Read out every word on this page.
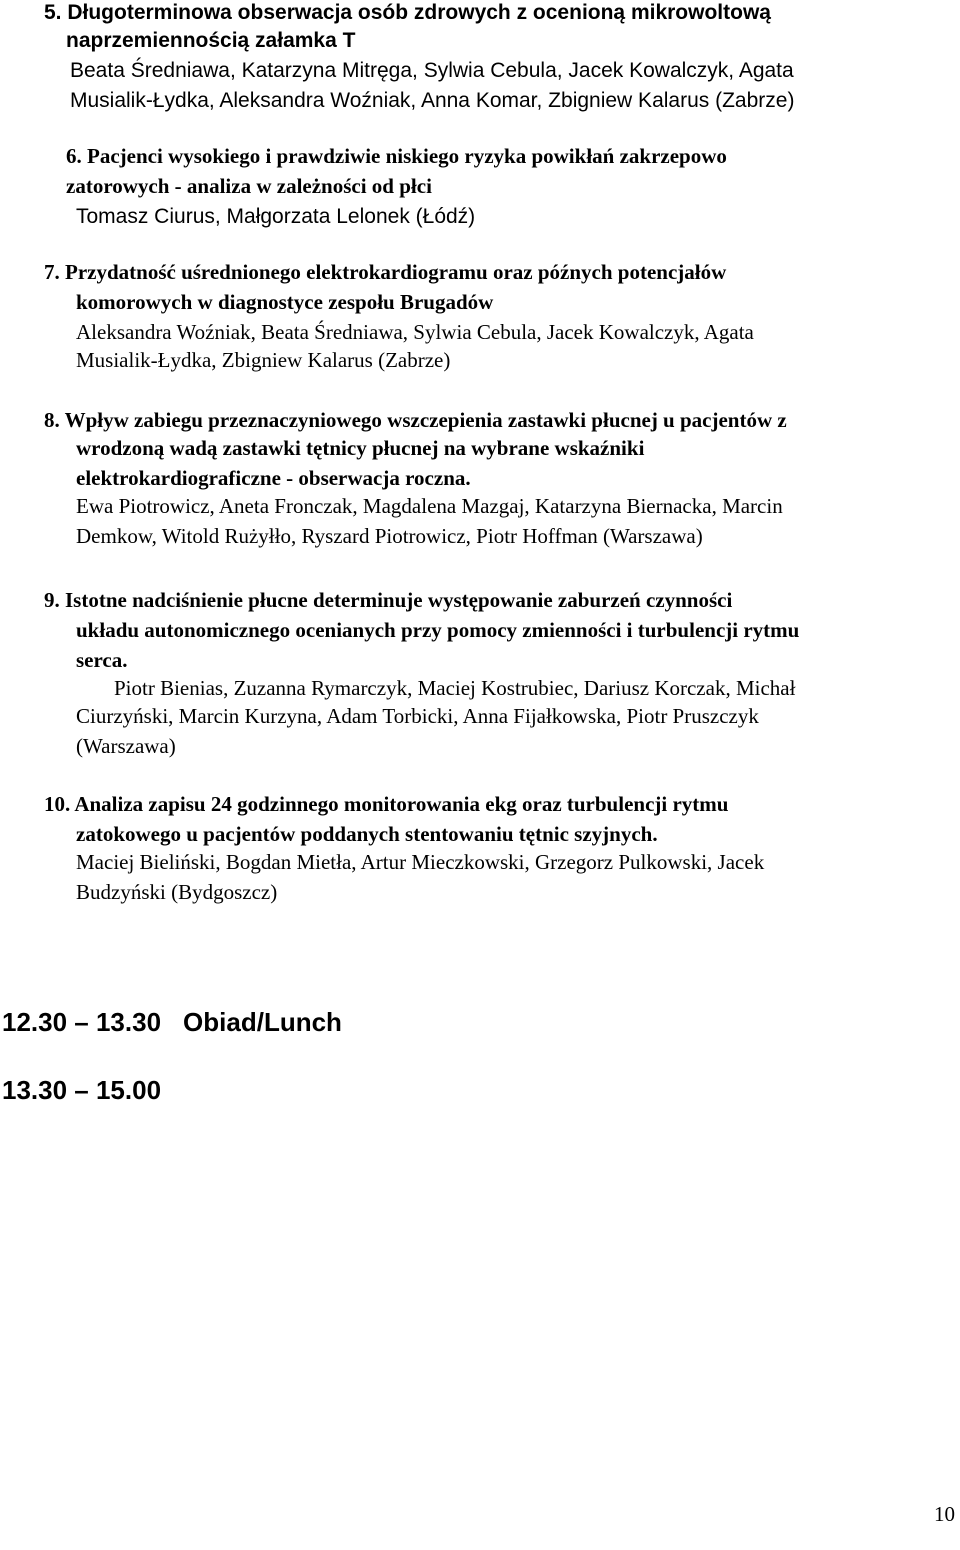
5. Długoterminowa obserwacja osób zdrowych z ocenioną mikrowoltową
naprzemiennością załamka T
Beata Średniawa, Katarzyna Mitręga, Sylwia Cebula, Jacek Kowalczyk, Agata
Musialik-Łydka, Aleksandra Woźniak, Anna Komar, Zbigniew Kalarus (Zabrze)
6. Pacjenci wysokiego i prawdziwie niskiego ryzyka powikłań zakrzepowo
zatorowych - analiza w zależności od płci
Tomasz Ciurus, Małgorzata Lelonek (Łódź)
7. Przydatność uśrednionego elektrokardiogramu oraz późnych potencjałów
komorowych w diagnostyce zespołu Brugadów
Aleksandra Woźniak, Beata Średniawa, Sylwia Cebula, Jacek Kowalczyk, Agata
Musialik-Łydka, Zbigniew Kalarus (Zabrze)
8. Wpływ zabiegu przeznaczyniowego wszczepienia zastawki płucnej u pacjentów z
wrodzoną wadą zastawki tętnicy płucnej na wybrane wskaźniki
elektrokardiograficzne - obserwacja roczna.
Ewa Piotrowicz, Aneta Fronczak, Magdalena Mazgaj, Katarzyna Biernacka, Marcin
Demkow, Witold Rużyłło, Ryszard Piotrowicz, Piotr Hoffman (Warszawa)
9. Istotne nadciśnienie płucne determinuje występowanie zaburzeń czynności
układu autonomicznego ocenianych przy pomocy zmienności i turbulencji rytmu
serca.
Piotr Bienias, Zuzanna Rymarczyk, Maciej Kostrubiec, Dariusz Korczak, Michał
Ciurzyński, Marcin Kurzyna, Adam Torbicki, Anna Fijałkowska, Piotr Pruszczyk
(Warszawa)
10. Analiza zapisu 24 godzinnego monitorowania ekg oraz turbulencji rytmu
zatokowego u pacjentów poddanych stentowaniu tętnic szyjnych.
Maciej Bieliński, Bogdan Mietła, Artur Mieczkowski, Grzegorz Pulkowski, Jacek
Budzyński (Bydgoszcz)
12.30 – 13.30 Obiad/Lunch
13.30 – 15.00
10
